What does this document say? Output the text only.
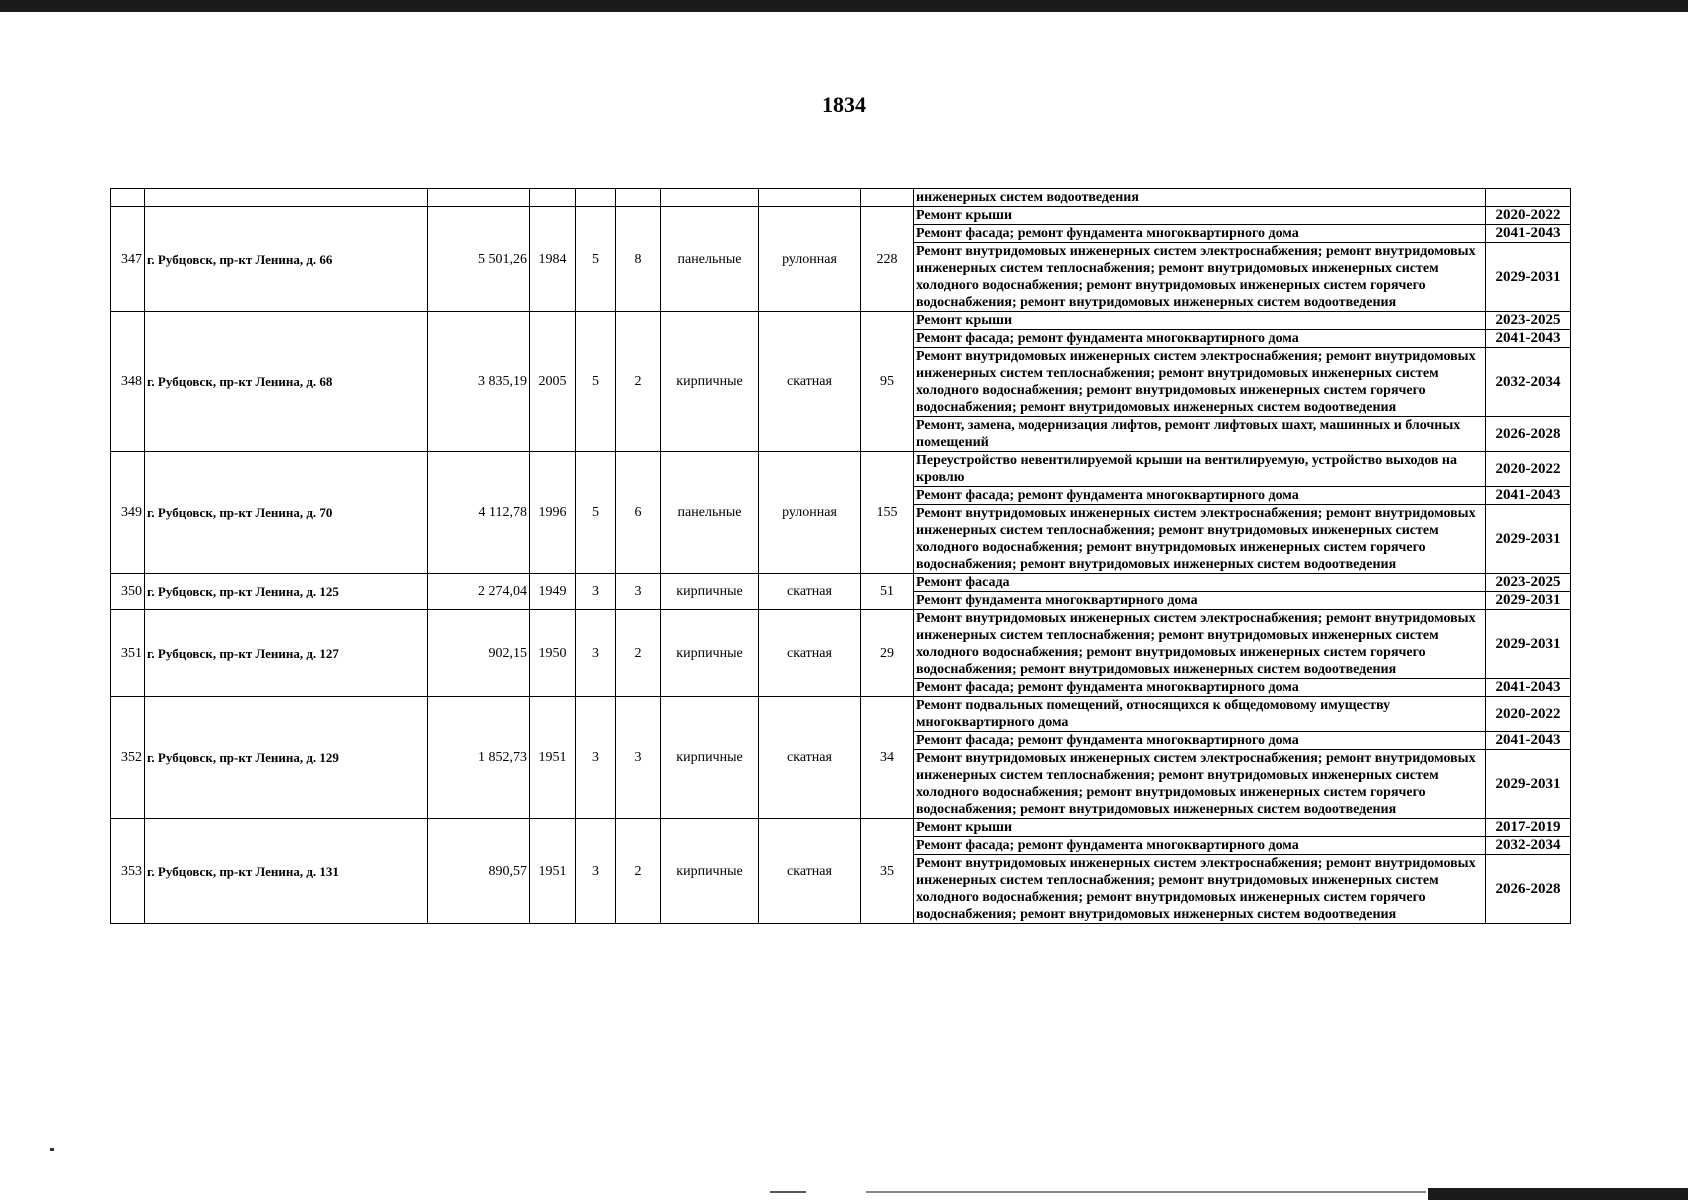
1834
									инженерных систем водоотведения	
347	г. Рубцовск, пр-кт Ленина, д. 66	5 501,26	1984	5	8	панельные	рулонная	228	Ремонт крыши	2020-2022
									Ремонт фасада; ремонт фундамента многоквартирного дома	2041-2043
									Ремонт внутридомовых инженерных систем электроснабжения; ремонт внутридомовых инженерных систем теплоснабжения; ремонт внутридомовых инженерных систем холодного водоснабжения; ремонт внутридомовых инженерных систем горячего водоснабжения; ремонт внутридомовых инженерных систем водоотведения	2029-2031
348	г. Рубцовск, пр-кт Ленина, д. 68	3 835,19	2005	5	2	кирпичные	скатная	95	Ремонт крыши	2023-2025
									Ремонт фасада; ремонт фундамента многоквартирного дома	2041-2043
									Ремонт внутридомовых инженерных систем электроснабжения; ремонт внутридомовых инженерных систем теплоснабжения; ремонт внутридомовых инженерных систем холодного водоснабжения; ремонт внутридомовых инженерных систем горячего водоснабжения; ремонт внутридомовых инженерных систем водоотведения	2032-2034
									Ремонт, замена, модернизация лифтов, ремонт лифтовых шахт, машинных и блочных помещений	2026-2028
349	г. Рубцовск, пр-кт Ленина, д. 70	4 112,78	1996	5	6	панельные	рулонная	155	Переустройство невентилируемой крыши на вентилируемую, устройство выходов на кровлю	2020-2022
									Ремонт фасада; ремонт фундамента многоквартирного дома	2041-2043
									Ремонт внутридомовых инженерных систем электроснабжения; ремонт внутридомовых инженерных систем теплоснабжения; ремонт внутридомовых инженерных систем холодного водоснабжения; ремонт внутридомовых инженерных систем горячего водоснабжения; ремонт внутридомовых инженерных систем водоотведения	2029-2031
350	г. Рубцовск, пр-кт Ленина, д. 125	2 274,04	1949	3	3	кирпичные	скатная	51	Ремонт фасада	2023-2025
									Ремонт фундамента многоквартирного дома	2029-2031
351	г. Рубцовск, пр-кт Ленина, д. 127	902,15	1950	3	2	кирпичные	скатная	29	Ремонт внутридомовых инженерных систем электроснабжения; ремонт внутридомовых инженерных систем теплоснабжения; ремонт внутридомовых инженерных систем холодного водоснабжения; ремонт внутридомовых инженерных систем горячего водоснабжения; ремонт внутридомовых инженерных систем водоотведения	2029-2031
									Ремонт фасада; ремонт фундамента многоквартирного дома	2041-2043
352	г. Рубцовск, пр-кт Ленина, д. 129	1 852,73	1951	3	3	кирпичные	скатная	34	Ремонт подвальных помещений, относящихся к общедомовому имуществу многоквартирного дома	2020-2022
									Ремонт фасада; ремонт фундамента многоквартирного дома	2041-2043
									Ремонт внутридомовых инженерных систем электроснабжения; ремонт внутридомовых инженерных систем теплоснабжения; ремонт внутридомовых инженерных систем холодного водоснабжения; ремонт внутридомовых инженерных систем горячего водоснабжения; ремонт внутридомовых инженерных систем водоотведения	2029-2031
353	г. Рубцовск, пр-кт Ленина, д. 131	890,57	1951	3	2	кирпичные	скатная	35	Ремонт крыши	2017-2019
									Ремонт фасада; ремонт фундамента многоквартирного дома	2032-2034
									Ремонт внутридомовых инженерных систем электроснабжения; ремонт внутридомовых инженерных систем теплоснабжения; ремонт внутридомовых инженерных систем холодного водоснабжения; ремонт внутридомовых инженерных систем горячего водоснабжения; ремонт внутридомовых инженерных систем водоотведения	2026-2028
